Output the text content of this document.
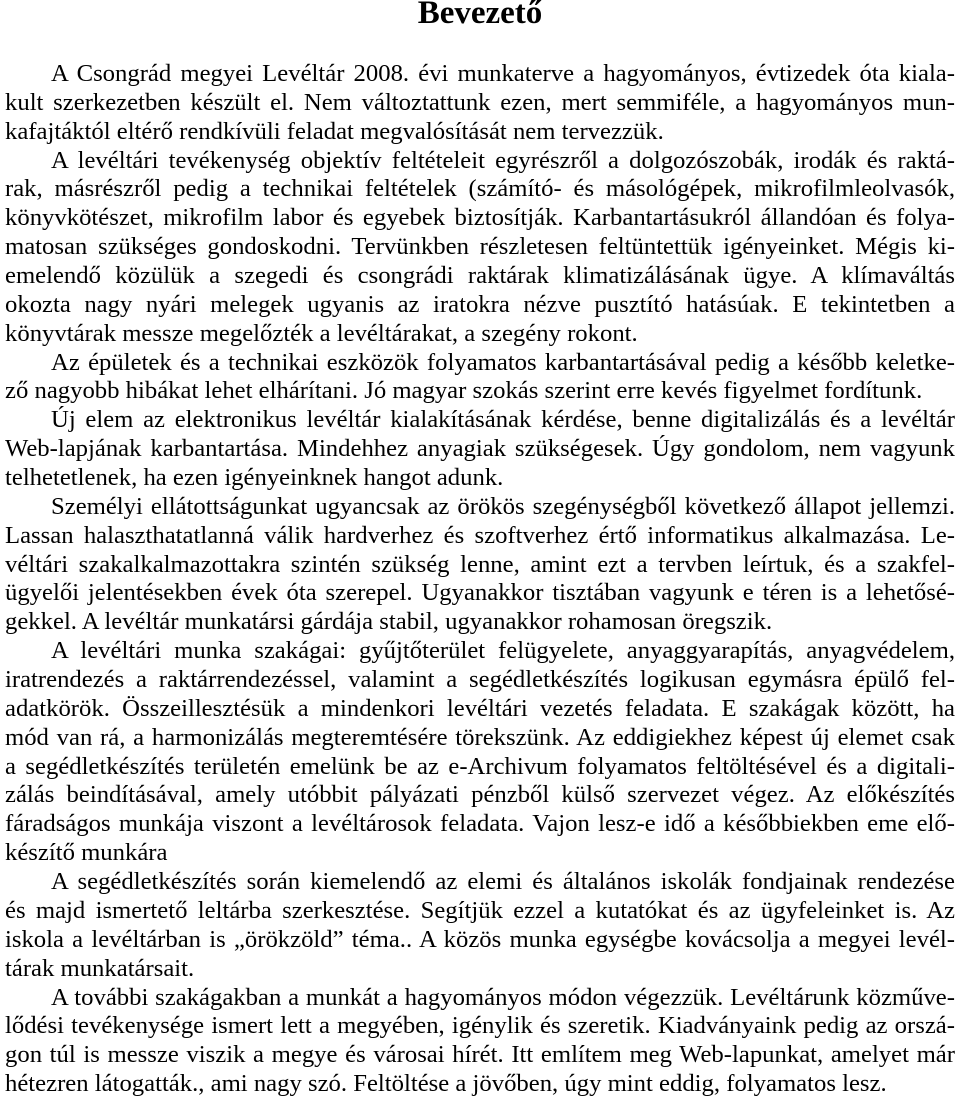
Bevezető
A Csongrád megyei Levéltár 2008. évi munkaterve a hagyományos, évtizedek óta kiala-
kult szerkezetben készült el. Nem változtattunk ezen, mert semmiféle, a hagyományos mun-
kafajtáktól eltérő rendkívüli feladat megvalósítását nem tervezzük.
A levéltári tevékenység objektív feltételeit egyrészről a dolgozószobák, irodák és raktá-
rak, másrészről pedig a technikai feltételek (számító- és másológépek, mikrofilmleolvasók,
könyvkötészet, mikrofilm labor és egyebek biztosítják. Karbantartásukról állandóan és folya-
matosan szükséges gondoskodni. Tervünkben részletesen feltüntettük igényeinket. Mégis ki-
emelendő közülük a szegedi és csongrádi raktárak klimatizálásának ügye. A klímaváltás
okozta nagy nyári melegek ugyanis az iratokra nézve pusztító hatásúak. E tekintetben a
könyvtárak messze megelőzték a levéltárakat, a szegény rokont.
Az épületek és a technikai eszközök folyamatos karbantartásával pedig a később keletke-
ző nagyobb hibákat lehet elhárítani. Jó magyar szokás szerint erre kevés figyelmet fordítunk.
Új elem az elektronikus levéltár kialakításának kérdése, benne digitalizálás és a levéltár
Web-lapjának karbantartása. Mindehhez anyagiak szükségesek. Úgy gondolom, nem vagyunk
telhetetlenek, ha ezen igényeinknek hangot adunk.
Személyi ellátottságunkat ugyancsak az örökös szegénységből következő állapot jellemzi.
Lassan halaszthatatlanná válik hardverhez és szoftverhez értő informatikus alkalmazása. Le-
véltári szakalkalmazottakra szintén szükség lenne, amint ezt a tervben leírtuk, és a szakfel-
ügyelői jelentésekben évek óta szerepel. Ugyanakkor tisztában vagyunk e téren is a lehetősé-
gekkel. A levéltár munkatársi gárdája stabil, ugyanakkor rohamosan öregszik.
A levéltári munka szakágai: gyűjtőterület felügyelete, anyaggyarapítás, anyagvédelem,
iratrendezés a raktárrendezéssel, valamint a segédletkészítés logikusan egymásra épülő fel-
adatkörök. Összeillesztésük a mindenkori levéltári vezetés feladata. E szakágak között, ha
mód van rá, a harmonizálás megteremtésére törekszünk. Az eddigiekhez képest új elemet csak
a segédletkészítés területén emelünk be az e-Archivum folyamatos feltöltésével és a digitali-
zálás beindításával, amely utóbbit pályázati pénzből külső szervezet végez. Az előkészítés
fáradságos munkája viszont a levéltárosok feladata. Vajon lesz-e idő a későbbiekben eme elő-
készítő munkára
A segédletkészítés során kiemelendő az elemi és általános iskolák fondjainak rendezése
és majd ismertető leltárba szerkesztése. Segítjük ezzel a kutatókat és az ügyfeleinket is. Az
iskola a levéltárban is „örökzöld” téma.. A közös munka egységbe kovácsolja a megyei levél-
tárak munkatársait.
A további szakágakban a munkát a hagyományos módon végezzük. Levéltárunk közműve-
lődési tevékenysége ismert lett a megyében, igénylik és szeretik. Kiadványaink pedig az orszá-
gon túl is messze viszik a megye és városai hírét. Itt említem meg Web-lapunkat, amelyet már
hétezren látogatták., ami nagy szó. Feltöltése a jövőben, úgy mint eddig, folyamatos lesz.
